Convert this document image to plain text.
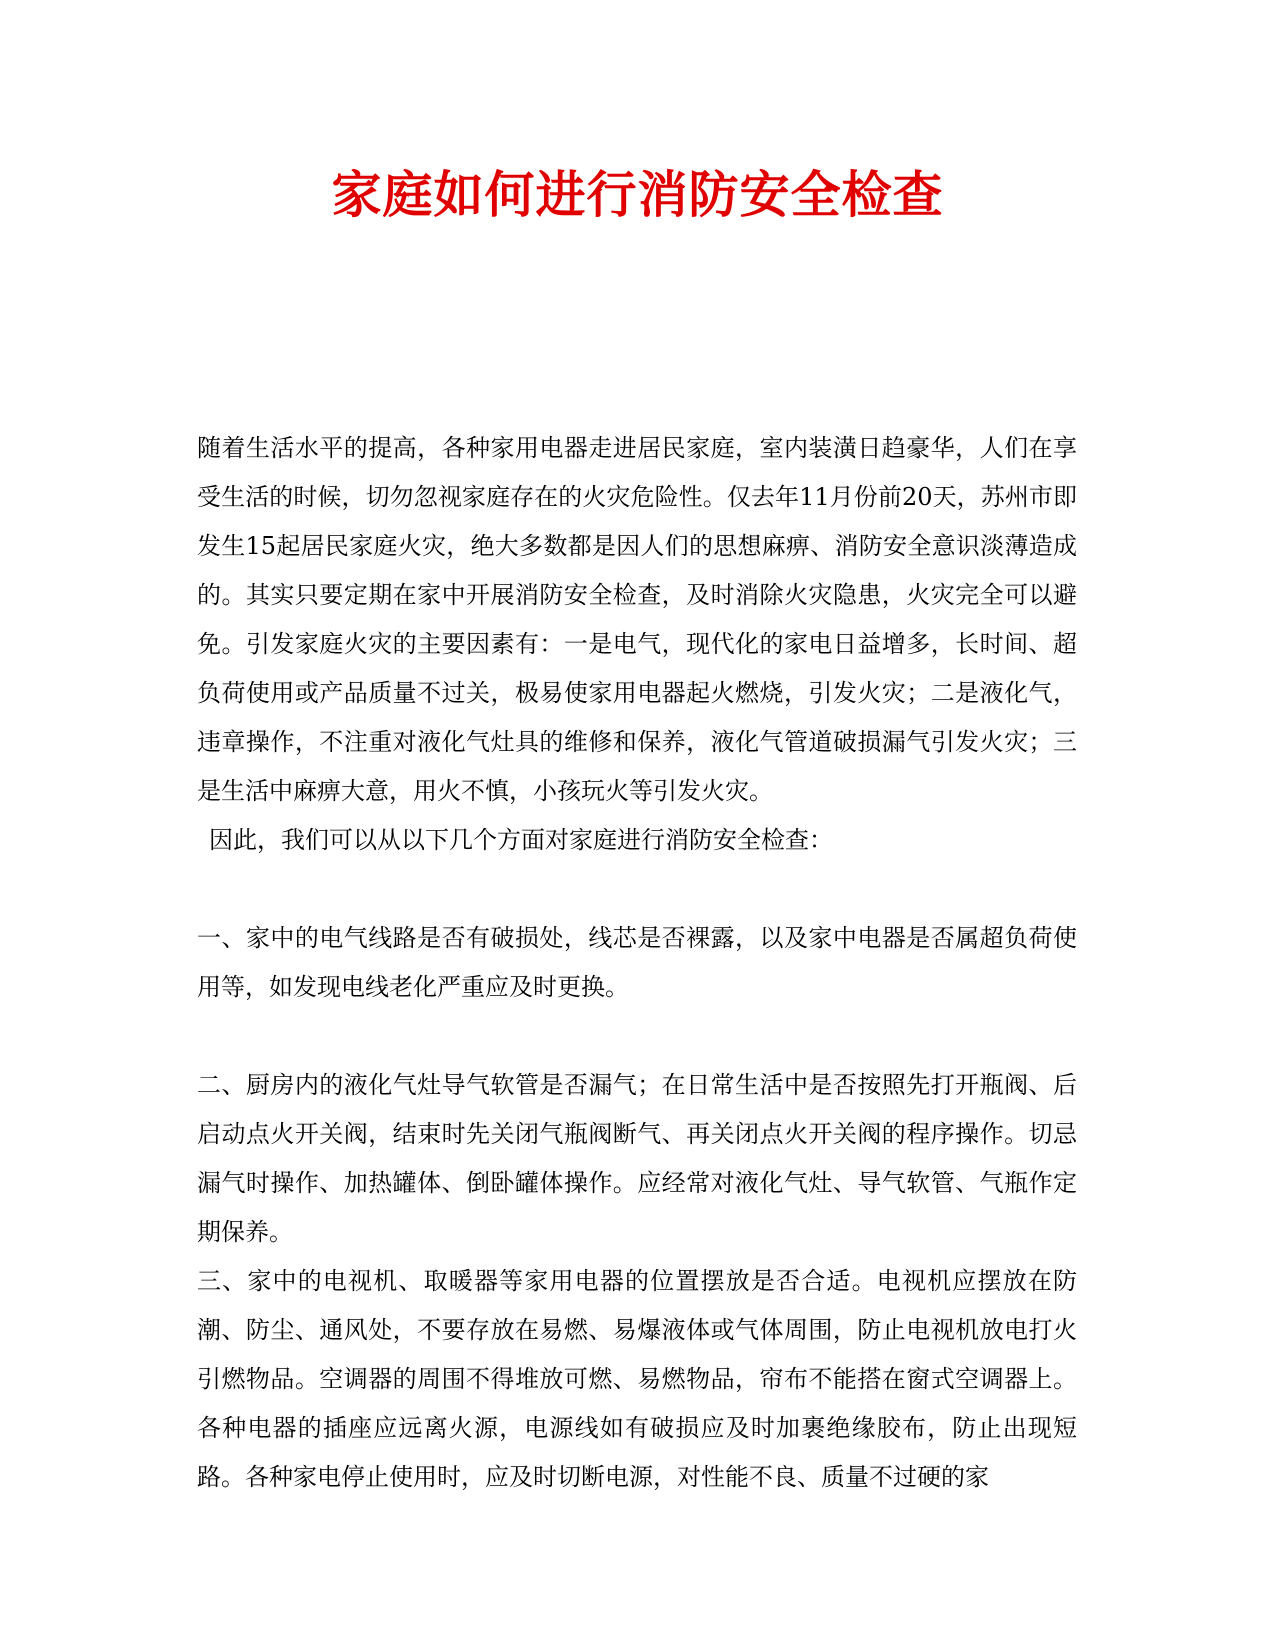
家庭如何进行消防安全检查

随着生活水平的提高，各种家用电器走进居民家庭，室内装潢日趋豪华，人们在享受生活的时候，切勿忽视家庭存在的火灾危险性。仅去年11月份前20天，苏州市即发生15起居民家庭火灾，绝大多数都是因人们的思想麻痹、消防安全意识淡薄造成的。其实只要定期在家中开展消防安全检查，及时消除火灾隐患，火灾完全可以避免。引发家庭火灾的主要因素有：一是电气，现代化的家电日益增多，长时间、超负荷使用或产品质量不过关，极易使家用电器起火燃烧，引发火灾；二是液化气，违章操作，不注重对液化气灶具的维修和保养，液化气管道破损漏气引发火灾；三是生活中麻痹大意，用火不慎，小孩玩火等引发火灾。

因此，我们可以从以下几个方面对家庭进行消防安全检查：

一、家中的电气线路是否有破损处，线芯是否裸露，以及家中电器是否属超负荷使用等，如发现电线老化严重应及时更换。

二、厨房内的液化气灶导气软管是否漏气；在日常生活中是否按照先打开瓶阀、后启动点火开关阀，结束时先关闭气瓶阀断气、再关闭点火开关阀的程序操作。切忌漏气时操作、加热罐体、倒卧罐体操作。应经常对液化气灶、导气软管、气瓶作定期保养。

三、家中的电视机、取暖器等家用电器的位置摆放是否合适。电视机应摆放在防潮、防尘、通风处，不要存放在易燃、易爆液体或气体周围，防止电视机放电打火引燃物品。空调器的周围不得堆放可燃、易燃物品，帘布不能搭在窗式空调器上。各种电器的插座应远离火源，电源线如有破损应及时加裹绝缘胶布，防止出现短路。各种家电停止使用时，应及时切断电源，对性能不良、质量不过硬的家
